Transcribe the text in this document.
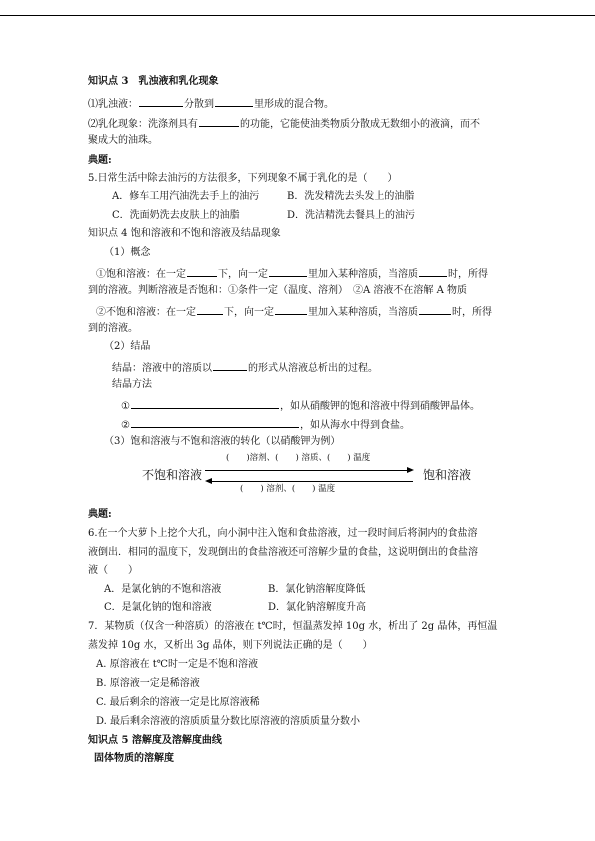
知识点 3　乳浊液和乳化现象
⑴乳浊液：	分散到	里形成的混合物。
⑵乳化现象：洗涤剂具有	的功能，它能使油类物质分散成无数细小的液滴，而不
聚成大的油珠。
典题:
5.日常生活中除去油污的方法很多，下列现象不属于乳化的是（　　）
A．修车工用汽油洗去手上的油污	B．洗发精洗去头发上的油脂
C．洗面奶洗去皮肤上的油脂	D．洗洁精洗去餐具上的油污
知识点 4 饱和溶液和不饱和溶液及结晶现象
（1）概念
①饱和溶液：在一定	下，向一定	里加入某种溶质，当溶质	时，所得
到的溶液。判断溶液是否饱和：①条件一定（温度、溶剂）　②A 溶液不在溶解 A 物质
②不饱和溶液：在一定	下，向一定	里加入某种溶质，当溶质	时，所得
到的溶液。
（2）结晶
结晶：溶液中的溶质以	的形式从溶液总析出的过程。
结晶方法
①	，如从硝酸钾的饱和溶液中得到硝酸钾晶体。
②	，如从海水中得到食盐。
（3）饱和溶液与不饱和溶液的转化（以硝酸钾为例）
(　　)溶剂、(　　) 溶质、(　　) 温度
不饱和溶液	饱和溶液
(　　) 溶剂、(　　) 温度
典题:
6.在一个大萝卜上挖个大孔，向小洞中注入饱和食盐溶液，过一段时间后将洞内的食盐溶
液倒出．相同的温度下，发现倒出的食盐溶液还可溶解少量的食盐，这说明倒出的食盐溶
液（　　）
A．是氯化钠的不饱和溶液	B．氯化钠溶解度降低
C．是氯化钠的饱和溶液	D．氯化钠溶解度升高
7．某物质（仅含一种溶质）的溶液在 t℃时，恒温蒸发掉 10g 水，析出了 2g 晶体，再恒温
蒸发掉 10g 水，又析出 3g 晶体，则下列说法正确的是（　　）
A. 原溶液在 t℃时一定是不饱和溶液
B. 原溶液一定是稀溶液
C. 最后剩余的溶液一定是比原溶液稀
D. 最后剩余溶液的溶质质量分数比原溶液的溶质质量分数小
知识点 5 溶解度及溶解度曲线
固体物质的溶解度
